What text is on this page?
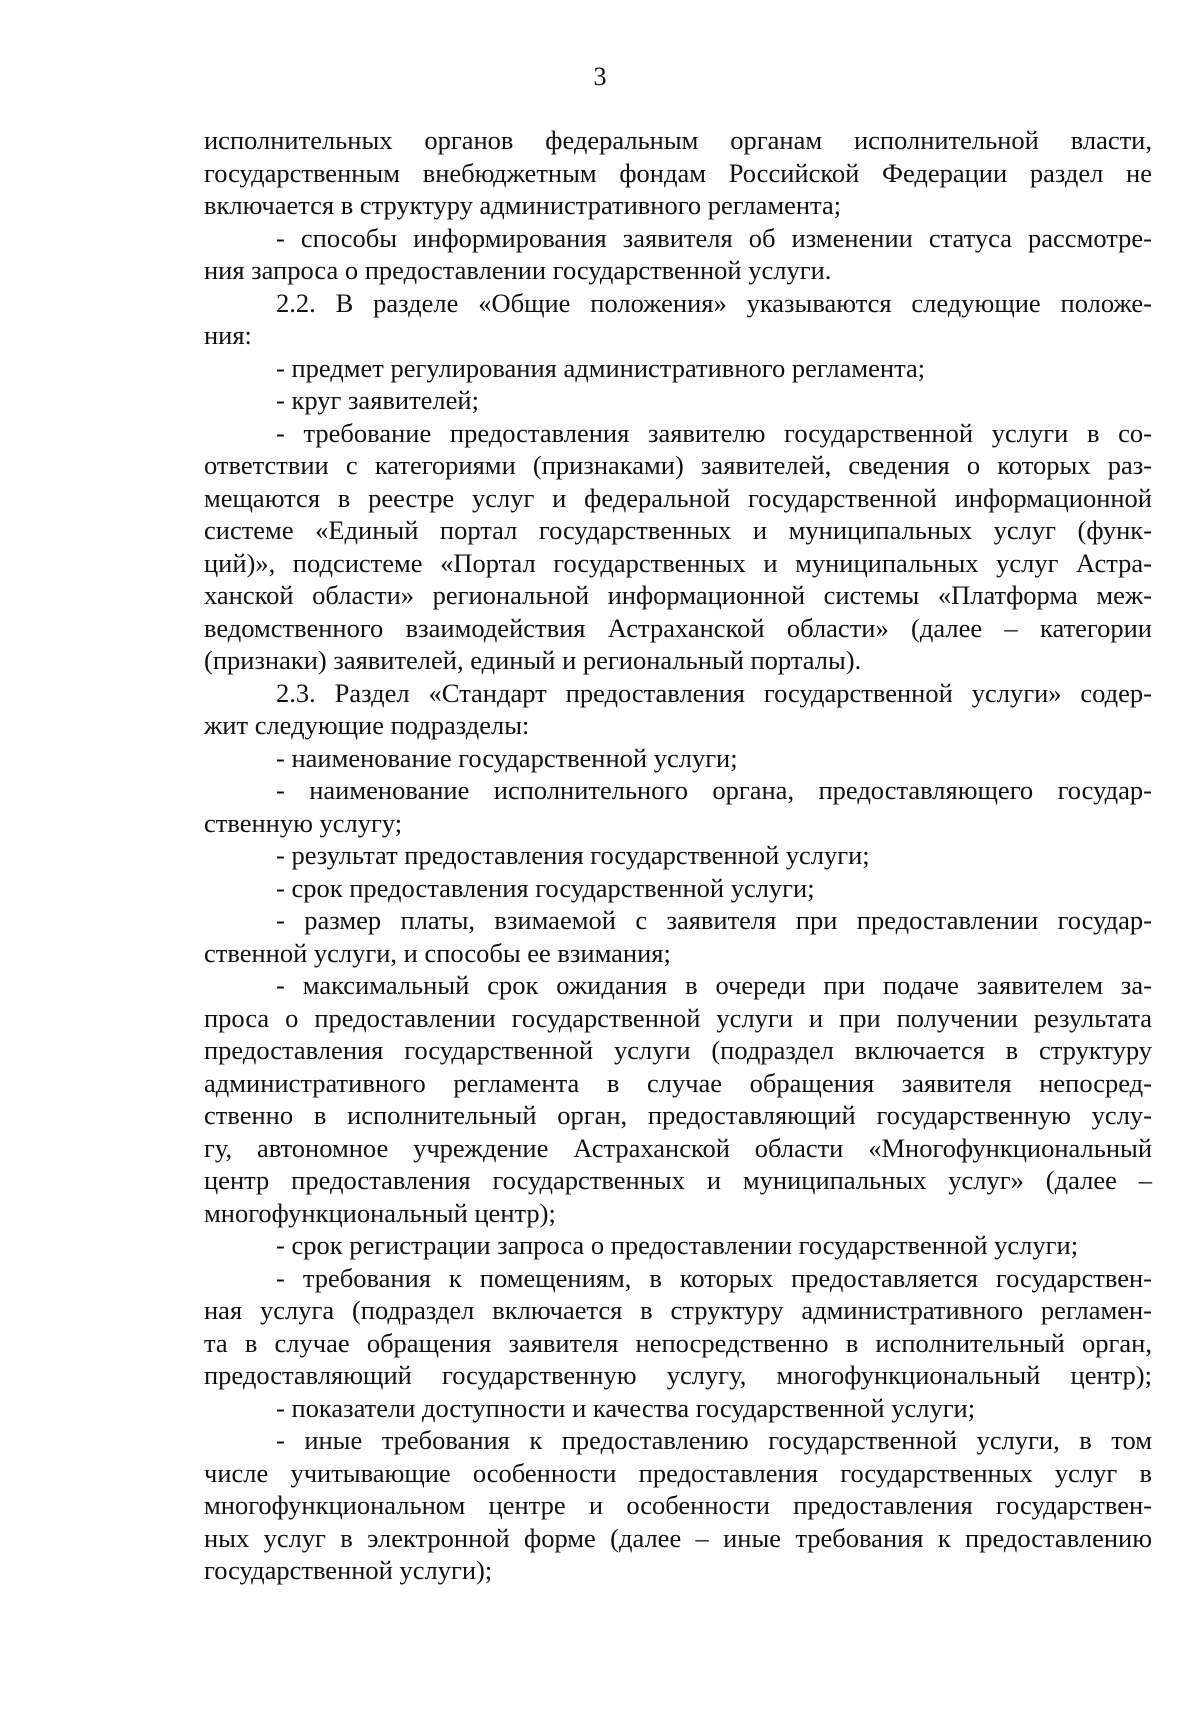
3
исполнительных органов федеральным органам исполнительной власти,
государственным внебюджетным фондам Российской Федерации раздел не
включается в структуру административного регламента;
- способы информирования заявителя об изменении статуса рассмотре-
ния запроса о предоставлении государственной услуги.
2.2. В разделе «Общие положения» указываются следующие положе-
ния:
- предмет регулирования административного регламента;
- круг заявителей;
- требование предоставления заявителю государственной услуги в со-
ответствии с категориями (признаками) заявителей, сведения о которых раз-
мещаются в реестре услуг и федеральной государственной информационной
системе «Единый портал государственных и муниципальных услуг (функ-
ций)», подсистеме «Портал государственных и муниципальных услуг Астра-
ханской области» региональной информационной системы «Платформа меж-
ведомственного взаимодействия Астраханской области» (далее – категории
(признаки) заявителей, единый и региональный порталы).
2.3. Раздел «Стандарт предоставления государственной услуги» содер-
жит следующие подразделы:
- наименование государственной услуги;
- наименование исполнительного органа, предоставляющего государ-
ственную услугу;
- результат предоставления государственной услуги;
- срок предоставления государственной услуги;
- размер платы, взимаемой с заявителя при предоставлении государ-
ственной услуги, и способы ее взимания;
- максимальный срок ожидания в очереди при подаче заявителем за-
проса о предоставлении государственной услуги и при получении результата
предоставления государственной услуги (подраздел включается в структуру
административного регламента в случае обращения заявителя непосред-
ственно в исполнительный орган, предоставляющий государственную услу-
гу, автономное учреждение Астраханской области «Многофункциональный
центр предоставления государственных и муниципальных услуг» (далее –
многофункциональный центр);
- срок регистрации запроса о предоставлении государственной услуги;
- требования к помещениям, в которых предоставляется государствен-
ная услуга (подраздел включается в структуру административного регламен-
та в случае обращения заявителя непосредственно в исполнительный орган,
предоставляющий государственную услугу, многофункциональный центр);
- показатели доступности и качества государственной услуги;
- иные требования к предоставлению государственной услуги, в том
числе учитывающие особенности предоставления государственных услуг в
многофункциональном центре и особенности предоставления государствен-
ных услуг в электронной форме (далее – иные требования к предоставлению
государственной услуги);
